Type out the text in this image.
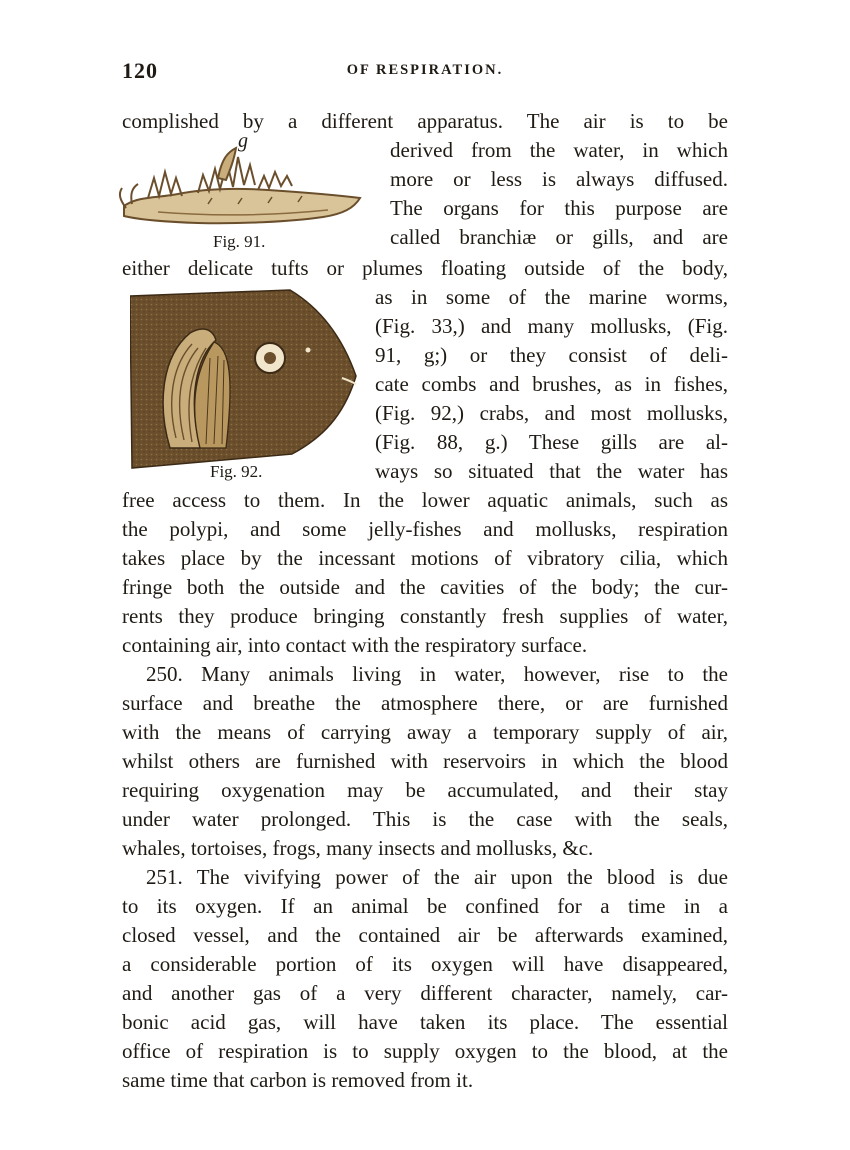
120	OF RESPIRATION.
g
Fig. 91.
Fig. 92.
complished by a different apparatus. The air is to be
derived from the water, in which
more or less is always diffused.
The organs for this purpose are
called branchiæ or gills, and are
either delicate tufts or plumes floating outside of the body,
as in some of the marine worms,
(Fig. 33,) and many mollusks, (Fig.
91, g;) or they consist of deli-
cate combs and brushes, as in fishes,
(Fig. 92,) crabs, and most mollusks,
(Fig. 88, g.) These gills are al-
ways so situated that the water has
free access to them. In the lower aquatic animals, such as
the polypi, and some jelly-fishes and mollusks, respiration
takes place by the incessant motions of vibratory cilia, which
fringe both the outside and the cavities of the body; the cur-
rents they produce bringing constantly fresh supplies of water,
containing air, into contact with the respiratory surface.
250. Many animals living in water, however, rise to the
surface and breathe the atmosphere there, or are furnished
with the means of carrying away a temporary supply of air,
whilst others are furnished with reservoirs in which the blood
requiring oxygenation may be accumulated, and their stay
under water prolonged. This is the case with the seals,
whales, tortoises, frogs, many insects and mollusks, &c.
251. The vivifying power of the air upon the blood is due
to its oxygen. If an animal be confined for a time in a
closed vessel, and the contained air be afterwards examined,
a considerable portion of its oxygen will have disappeared,
and another gas of a very different character, namely, car-
bonic acid gas, will have taken its place. The essential
office of respiration is to supply oxygen to the blood, at the
same time that carbon is removed from it.
